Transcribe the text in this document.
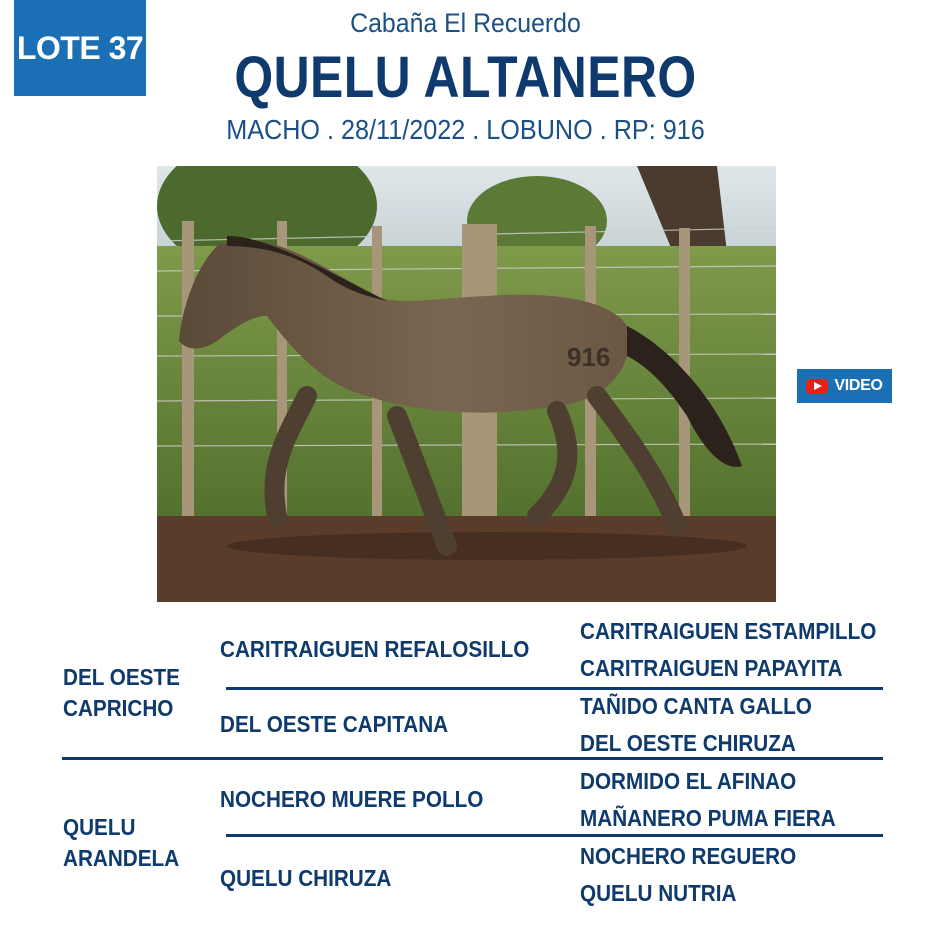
LOTE 37
Cabaña El Recuerdo
QUELU ALTANERO
MACHO . 28/11/2022 . LOBUNO . RP: 916
916
VIDEO
DEL OESTE
CAPRICHO
QUELU
ARANDELA
CARITRAIGUEN REFALOSILLO
DEL OESTE CAPITANA
NOCHERO MUERE POLLO
QUELU CHIRUZA
CARITRAIGUEN ESTAMPILLO
CARITRAIGUEN PAPAYITA
TAÑIDO CANTA GALLO
DEL OESTE CHIRUZA
DORMIDO EL AFINAO
MAÑANERO PUMA FIERA
NOCHERO REGUERO
QUELU NUTRIA
